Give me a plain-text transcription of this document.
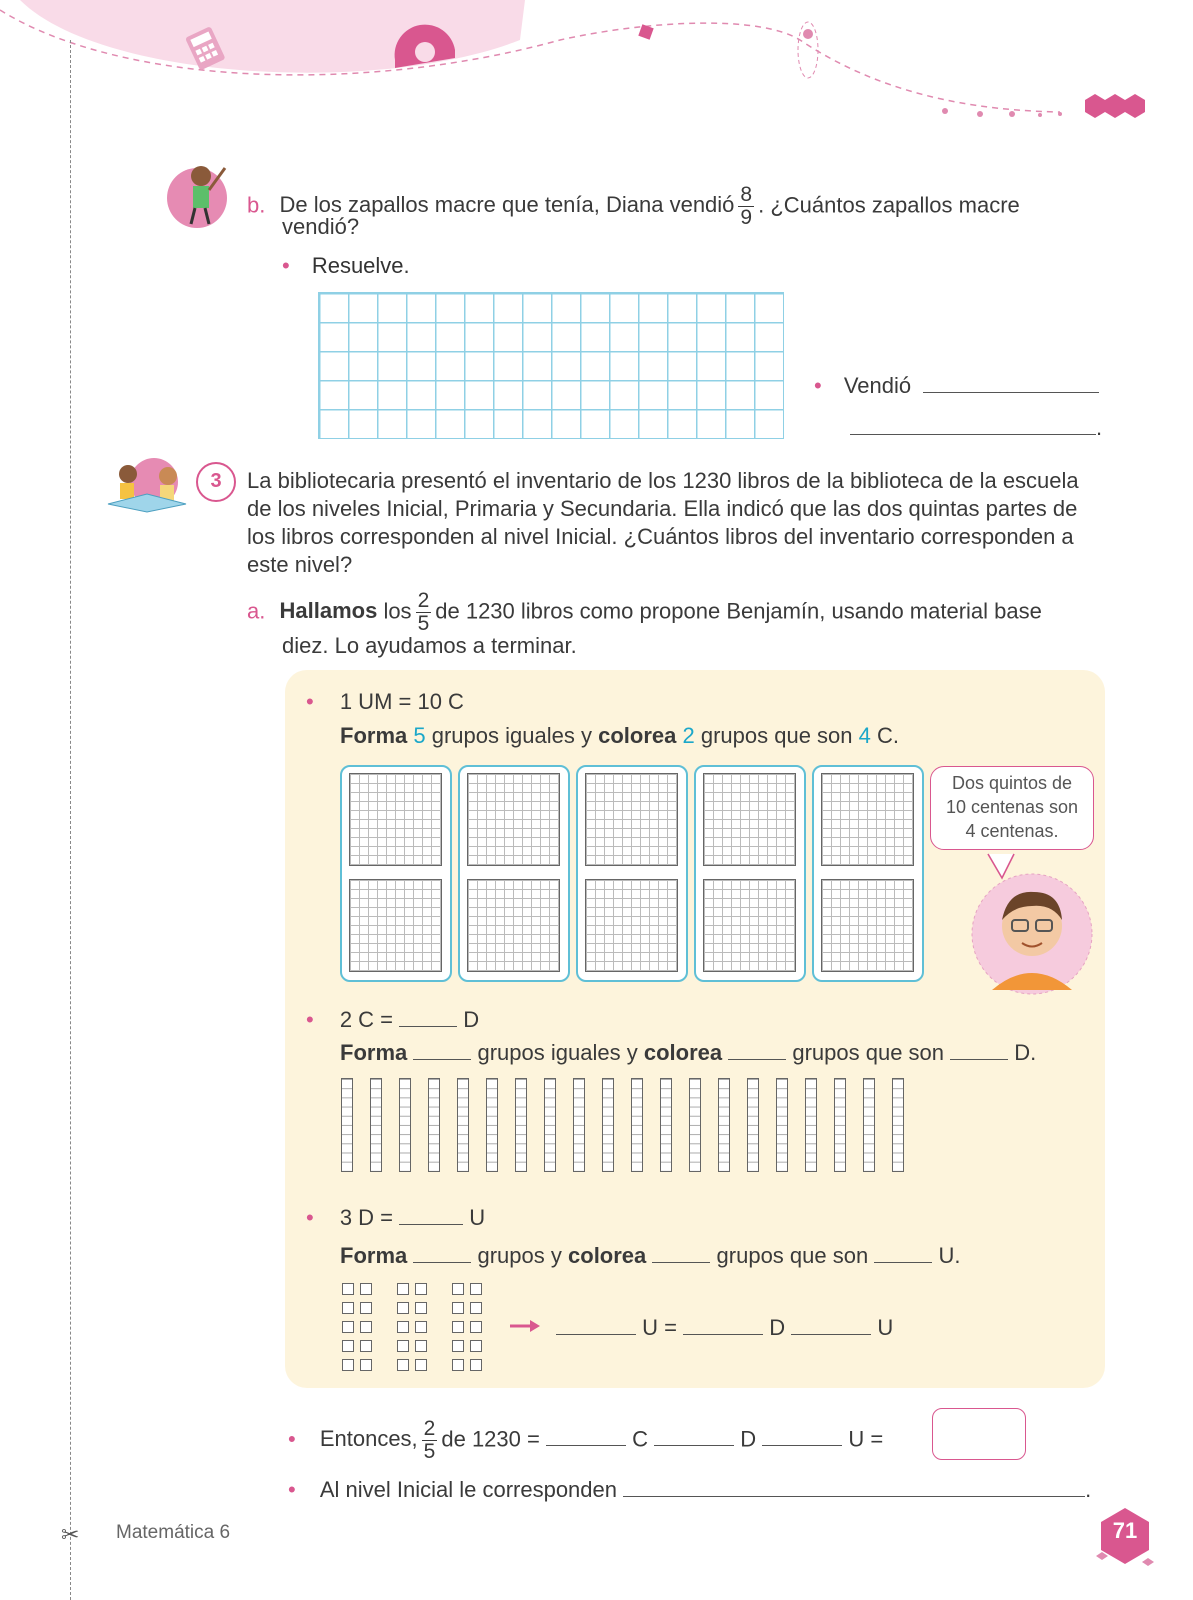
✂
b. De los zapallos macre que tenía, Diana vendió $\frac{8}{9}$ . ¿Cuántos zapallos macre
vendió?
• Resuelve.
• Vendió
.
3	La bibliotecaria presentó el inventario de los 1230 libros de la biblioteca de la escuela
de los niveles Inicial, Primaria y Secundaria. Ella indicó que las dos quintas partes de
los libros corresponden al nivel Inicial. ¿Cuántos libros del inventario corresponden a
este nivel?
a. Hallamos los $\frac{2}{5}$ de 1230 libros como propone Benjamín, usando material base
diez. Lo ayudamos a terminar.
• 1 UM = 10 C
Forma 5 grupos iguales y colorea 2 grupos que son 4 C.
Dos quintos de
10 centenas son
4 centenas.
• 2 C =	D
Forma	grupos iguales y colorea	grupos que son	D.
• 3 D =	U
Forma	grupos y colorea	grupos que son	U.
U =	D	U
• Entonces, $\frac{2}{5}$ de 1230 =	C	D	U =
• Al nivel Inicial le corresponden	.
Matemática 6	71
